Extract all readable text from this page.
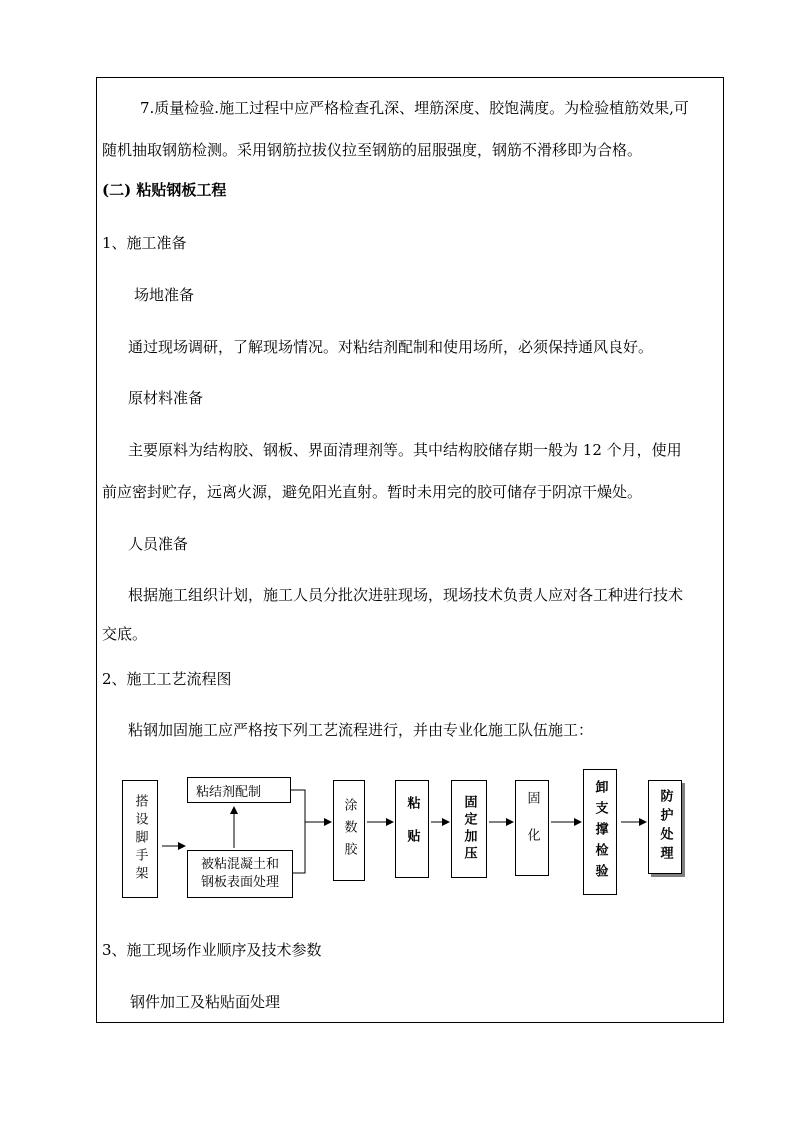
7.质量检验.施工过程中应严格检查孔深、埋筋深度、胶饱满度。为检验植筋效果,可
随机抽取钢筋检测。采用钢筋拉拔仪拉至钢筋的屈服强度，钢筋不滑移即为合格。
(二) 粘贴钢板工程
1、施工准备
场地准备
通过现场调研，了解现场情况。对粘结剂配制和使用场所，必须保持通风良好。
原材料准备
主要原料为结构胶、钢板、界面清理剂等。其中结构胶储存期一般为 12 个月，使用
前应密封贮存，远离火源，避免阳光直射。暂时未用完的胶可储存于阴凉干燥处。
人员准备
根据施工组织计划，施工人员分批次进驻现场，现场技术负责人应对各工种进行技术
交底。
2、施工工艺流程图
粘钢加固施工应严格按下列工艺流程进行，并由专业化施工队伍施工：
搭设脚手架
粘结剂配制
被粘混凝土和
钢板表面处理
涂数胶	粘贴	固定加压	固化	卸支撑检验	防护处理
3、施工现场作业顺序及技术参数
钢件加工及粘贴面处理
